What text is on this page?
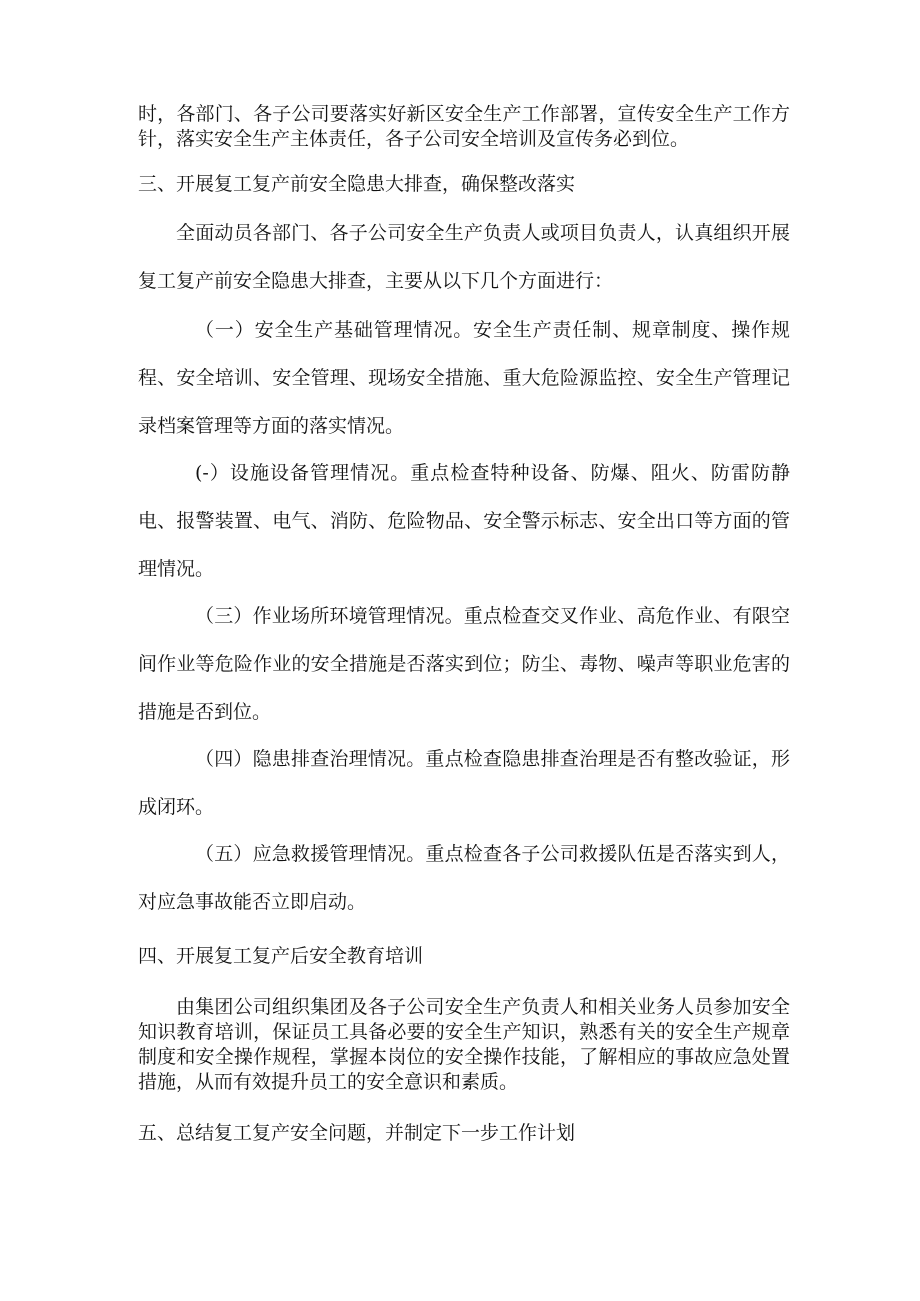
时，各部门、各子公司要落实好新区安全生产工作部署，宣传安全生产工作方针，落实安全生产主体责任，各子公司安全培训及宣传务必到位。

三、开展复工复产前安全隐患大排查，确保整改落实

全面动员各部门、各子公司安全生产负责人或项目负责人，认真组织开展复工复产前安全隐患大排查，主要从以下几个方面进行：

（一）安全生产基础管理情况。安全生产责任制、规章制度、操作规程、安全培训、安全管理、现场安全措施、重大危险源监控、安全生产管理记录档案管理等方面的落实情况。

(-）设施设备管理情况。重点检查特种设备、防爆、阻火、防雷防静电、报警装置、电气、消防、危险物品、安全警示标志、安全出口等方面的管理情况。

（三）作业场所环境管理情况。重点检查交叉作业、高危作业、有限空间作业等危险作业的安全措施是否落实到位；防尘、毒物、噪声等职业危害的措施是否到位。

（四）隐患排查治理情况。重点检查隐患排查治理是否有整改验证，形成闭环。

（五）应急救援管理情况。重点检查各子公司救援队伍是否落实到人，对应急事故能否立即启动。

四、开展复工复产后安全教育培训

由集团公司组织集团及各子公司安全生产负责人和相关业务人员参加安全知识教育培训，保证员工具备必要的安全生产知识，熟悉有关的安全生产规章制度和安全操作规程，掌握本岗位的安全操作技能，了解相应的事故应急处置措施，从而有效提升员工的安全意识和素质。

五、总结复工复产安全问题，并制定下一步工作计划
